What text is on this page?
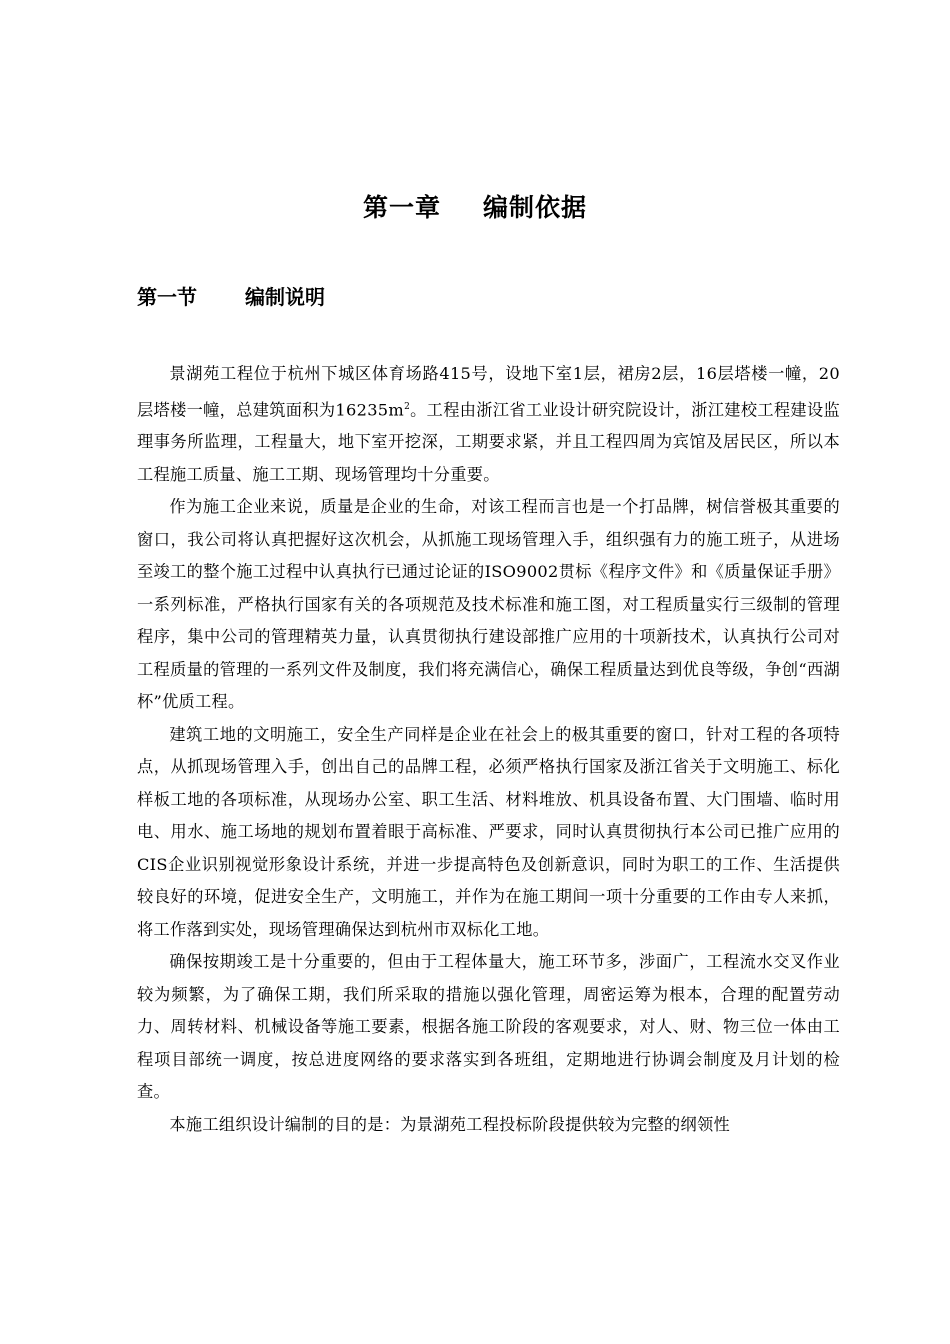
第一章 编制依据
第一节 编制说明

景湖苑工程位于杭州下城区体育场路415号，设地下室1层，裙房2层，16层塔楼一幢，20层塔楼一幢，总建筑面积为$16235m^2$。工程由浙江省工业设计研究院设计，浙江建校工程建设监理事务所监理，工程量大，地下室开挖深，工期要求紧，并且工程四周为宾馆及居民区，所以本工程施工质量、施工工期、现场管理均十分重要。

作为施工企业来说，质量是企业的生命，对该工程而言也是一个打品牌，树信誉极其重要的窗口，我公司将认真把握好这次机会，从抓施工现场管理入手，组织强有力的施工班子，从进场至竣工的整个施工过程中认真执行已通过论证的ISO9002贯标《程序文件》和《质量保证手册》一系列标准，严格执行国家有关的各项规范及技术标准和施工图，对工程质量实行三级制的管理程序，集中公司的管理精英力量，认真贯彻执行建设部推广应用的十项新技术，认真执行公司对工程质量的管理的一系列文件及制度，我们将充满信心，确保工程质量达到优良等级，争创“西湖杯”优质工程。

建筑工地的文明施工，安全生产同样是企业在社会上的极其重要的窗口，针对工程的各项特点，从抓现场管理入手，创出自己的品牌工程，必须严格执行国家及浙江省关于文明施工、标化样板工地的各项标准，从现场办公室、职工生活、材料堆放、机具设备布置、大门围墙、临时用电、用水、施工场地的规划布置着眼于高标准、严要求，同时认真贯彻执行本公司已推广应用的CIS企业识别视觉形象设计系统，并进一步提高特色及创新意识，同时为职工的工作、生活提供较良好的环境，促进安全生产，文明施工，并作为在施工期间一项十分重要的工作由专人来抓，将工作落到实处，现场管理确保达到杭州市双标化工地。

确保按期竣工是十分重要的，但由于工程体量大，施工环节多，涉面广，工程流水交叉作业较为频繁，为了确保工期，我们所采取的措施以强化管理，周密运筹为根本，合理的配置劳动力、周转材料、机械设备等施工要素，根据各施工阶段的客观要求，对人、财、物三位一体由工程项目部统一调度，按总进度网络的要求落实到各班组，定期地进行协调会制度及月计划的检查。

本施工组织设计编制的目的是：为景湖苑工程投标阶段提供较为完整的纲领性
